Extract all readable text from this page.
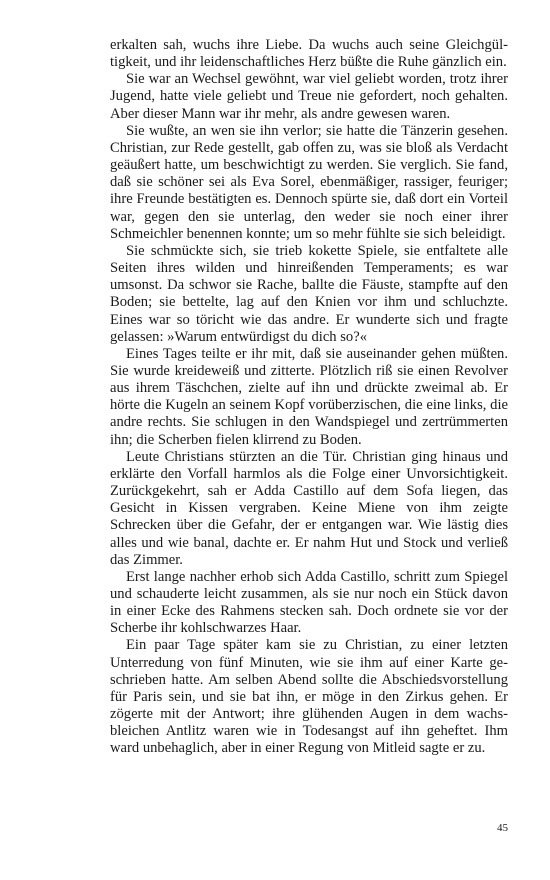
erkalten sah, wuchs ihre Liebe. Da wuchs auch seine Gleichgültigkeit, und ihr leidenschaftliches Herz büßte die Ruhe gänzlich ein.

Sie war an Wechsel gewöhnt, war viel geliebt worden, trotz ihrer Jugend, hatte viele geliebt und Treue nie gefordert, noch gehalten. Aber dieser Mann war ihr mehr, als andre gewesen waren.

Sie wußte, an wen sie ihn verlor; sie hatte die Tänzerin gesehen. Christian, zur Rede gestellt, gab offen zu, was sie bloß als Verdacht geäußert hatte, um beschwichtigt zu werden. Sie verglich. Sie fand, daß sie schöner sei als Eva Sorel, ebenmäßiger, rassiger, feuriger; ihre Freunde bestätigten es. Dennoch spürte sie, daß dort ein Vorteil war, gegen den sie unterlag, den weder sie noch einer ihrer Schmeichler benennen konnte; um so mehr fühlte sie sich beleidigt.

Sie schmückte sich, sie trieb kokette Spiele, sie entfaltete alle Seiten ihres wilden und hinreißenden Temperaments; es war umsonst. Da schwor sie Rache, ballte die Fäuste, stampfte auf den Boden; sie bettelte, lag auf den Knien vor ihm und schluchzte. Eines war so töricht wie das andre. Er wunderte sich und fragte gelassen: »Warum entwürdigst du dich so?«

Eines Tages teilte er ihr mit, daß sie auseinander gehen müßten. Sie wurde kreideweiß und zitterte. Plötzlich riß sie einen Revolver aus ihrem Täschchen, zielte auf ihn und drückte zweimal ab. Er hörte die Kugeln an seinem Kopf vorüberzischen, die eine links, die andre rechts. Sie schlugen in den Wandspiegel und zertrümmerten ihn; die Scherben fielen klirrend zu Boden.

Leute Christians stürzten an die Tür. Christian ging hinaus und erklärte den Vorfall harmlos als die Folge einer Unvorsichtigkeit. Zurückgekehrt, sah er Adda Castillo auf dem Sofa liegen, das Gesicht in Kissen vergraben. Keine Miene von ihm zeigte Schrecken über die Gefahr, der er entgangen war. Wie lästig dies alles und wie banal, dachte er. Er nahm Hut und Stock und verließ das Zimmer.

Erst lange nachher erhob sich Adda Castillo, schritt zum Spiegel und schauderte leicht zusammen, als sie nur noch ein Stück davon in einer Ecke des Rahmens stecken sah. Doch ordnete sie vor der Scherbe ihr kohlschwarzes Haar.

Ein paar Tage später kam sie zu Christian, zu einer letzten Unterredung von fünf Minuten, wie sie ihm auf einer Karte geschrieben hatte. Am selben Abend sollte die Abschiedsvorstellung für Paris sein, und sie bat ihn, er möge in den Zirkus gehen. Er zögerte mit der Antwort; ihre glühenden Augen in dem wachsbleichen Antlitz waren wie in Todesangst auf ihn geheftet. Ihm ward unbehaglich, aber in einer Regung von Mitleid sagte er zu.

45
